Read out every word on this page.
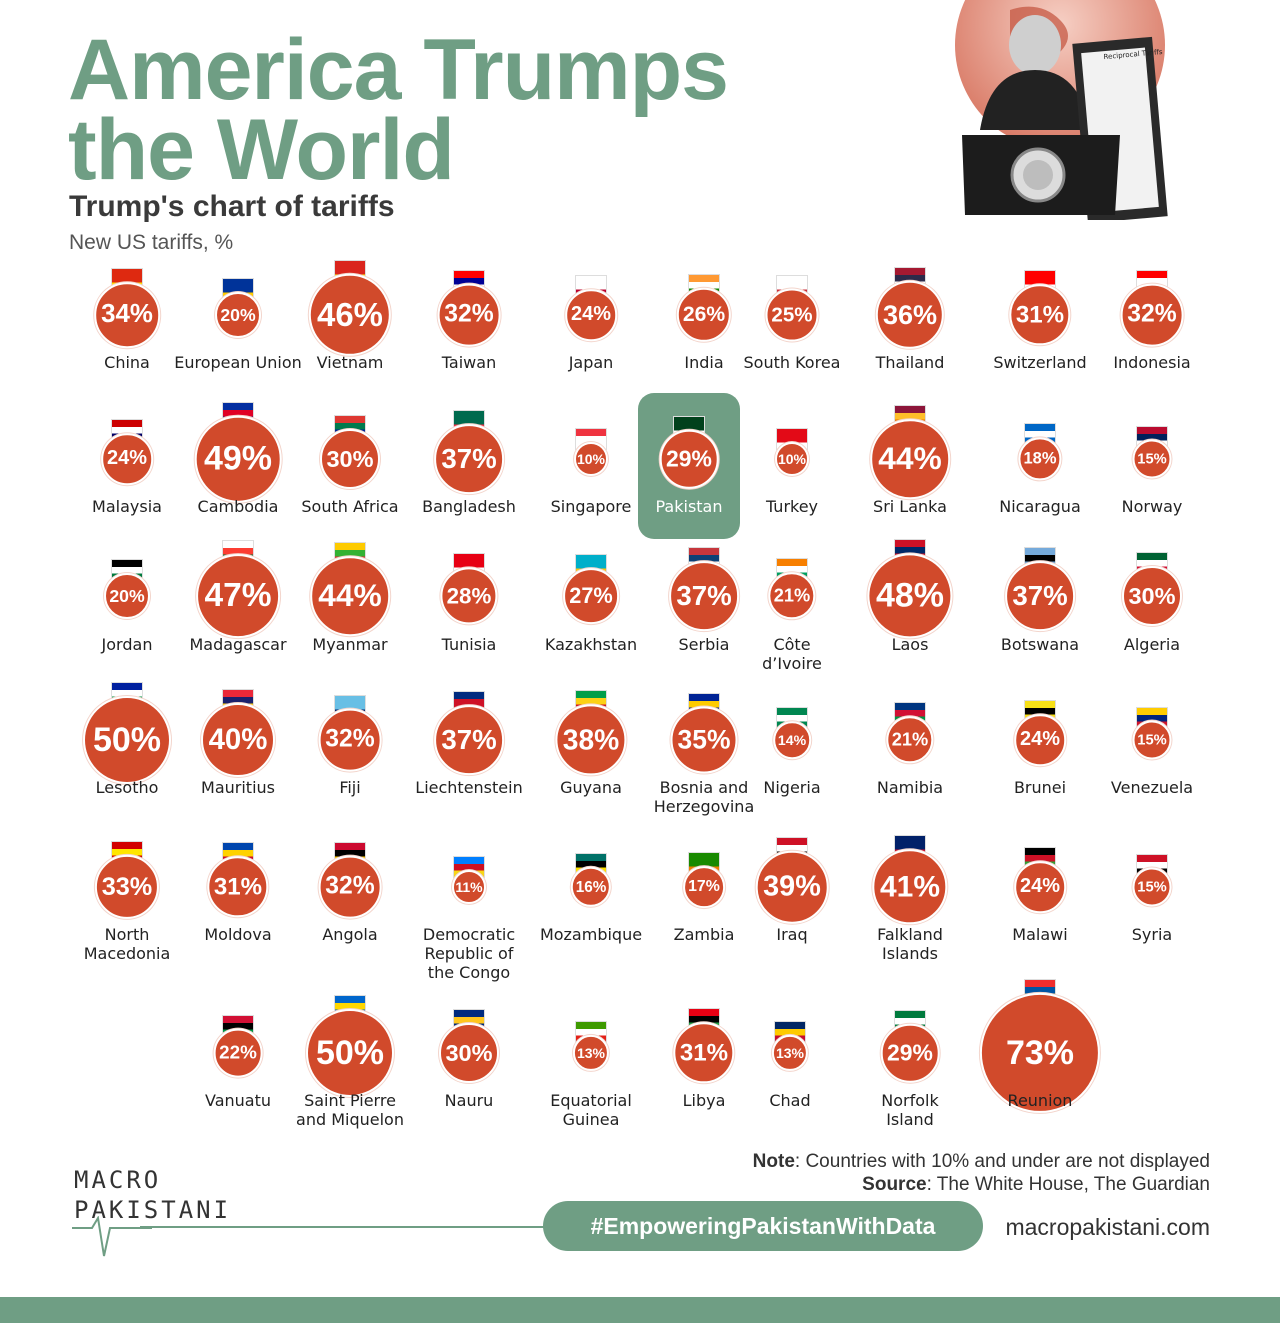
America Trumps
the World
Trump's chart of tariffs
New US tariffs, %
Reciprocal Tariffs
34%
China
20%
European Union
46%
Vietnam
32%
Taiwan
24%
Japan
26%
India
25%
South Korea
36%
Thailand
31%
Switzerland
32%
Indonesia
24%
Malaysia
49%
Cambodia
30%
South Africa
37%
Bangladesh
10%
Singapore
29%
Pakistan
10%
Turkey
44%
Sri Lanka
18%
Nicaragua
15%
Norway
20%
Jordan
47%
Madagascar
44%
Myanmar
28%
Tunisia
27%
Kazakhstan
37%
Serbia
21%
Côte
d’Ivoire
48%
Laos
37%
Botswana
30%
Algeria
50%
Lesotho
40%
Mauritius
32%
Fiji
37%
Liechtenstein
38%
Guyana
35%
Bosnia and
Herzegovina
14%
Nigeria
21%
Namibia
24%
Brunei
15%
Venezuela
33%
North
Macedonia
31%
Moldova
32%
Angola
11%
Democratic
Republic of
the Congo
16%
Mozambique
17%
Zambia
39%
Iraq
41%
Falkland
Islands
24%
Malawi
15%
Syria
22%
Vanuatu
50%
Saint Pierre
and Miquelon
30%
Nauru
13%
Equatorial
Guinea
31%
Libya
13%
Chad
29%
Norfolk
Island
73%
Reunion
Note: Countries with 10% and under are not displayed
Source: The White House, The Guardian
MACRO
PAKISTANI
#EmpoweringPakistanWithData	macropakistani.com
